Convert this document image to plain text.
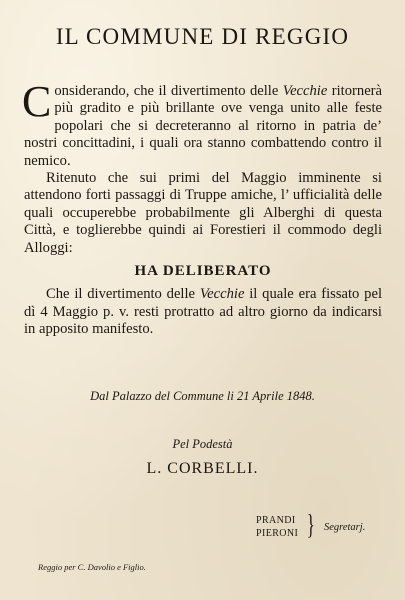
IL COMMUNE DI REGGIO

Considerando, che il divertimento delle Vecchie ritornerà più gradito e più brillante ove venga unito alle feste popolari che si decreteranno al ritorno in patria de’ nostri concittadini, i quali ora stanno combattendo contro il nemico.

Ritenuto che sui primi del Maggio imminente si attendono forti passaggi di Truppe amiche, l’ ufficialità delle quali occuperebbe probabilmente gli Alberghi di questa Città, e toglierebbe quindi ai Forestieri il commodo degli Alloggi:

HA DELIBERATO

Che il divertimento delle Vecchie il quale era fissato pel dì 4 Maggio p. v. resti protratto ad altro giorno da indicarsi in apposito manifesto.

Dal Palazzo del Commune li 21 Aprile 1848.
Pel Podestà
L. CORBELLI.
PRANDI
PIERONI } Segretarj.
Reggio per C. Davolio e Figlio.
